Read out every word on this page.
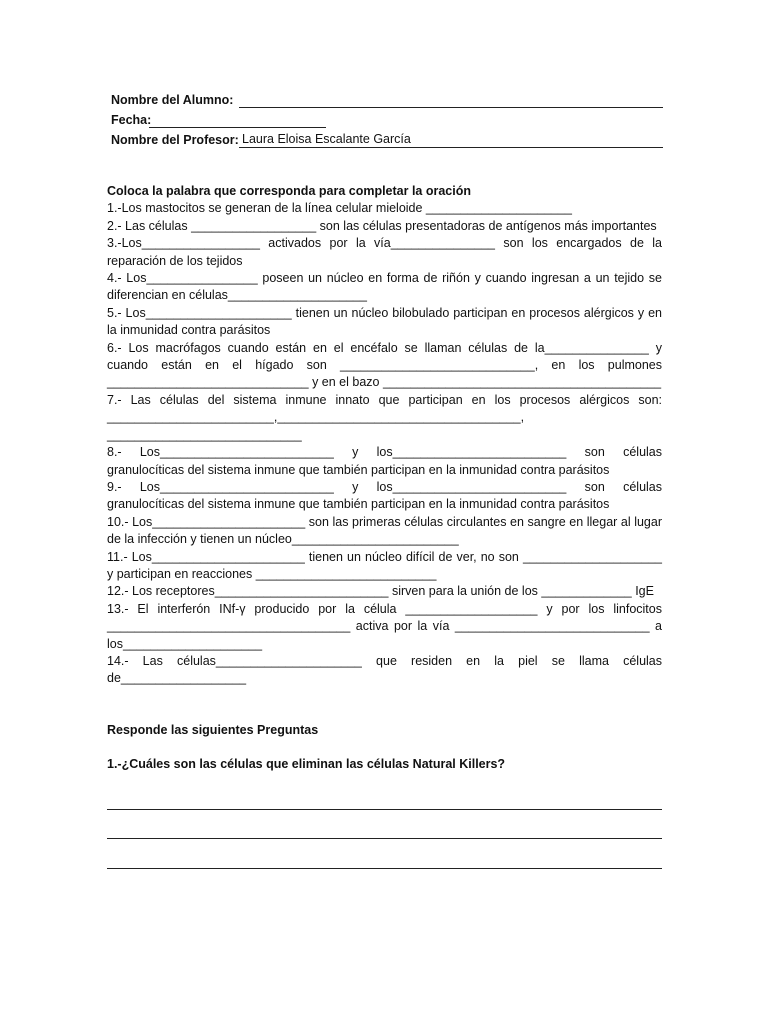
Nombre del Alumno:
Fecha:
Nombre del Profesor: Laura Eloisa Escalante García
Coloca la palabra que corresponda para completar la oración
1.-Los mastocitos se generan de la línea celular mieloide _____________________
2.- Las células __________________ son las células presentadoras de antígenos más importantes
3.-Los_________________ activados por la vía_______________ son los encargados de la reparación de los tejidos
4.- Los________________ poseen un núcleo en forma de riñón y cuando ingresan a un tejido se diferencian en células____________________
5.- Los_____________________ tienen un núcleo bilobulado participan en procesos alérgicos y en la inmunidad contra parásitos
6.- Los macrófagos cuando están en el encéfalo se llaman células de la_______________ y cuando están en el hígado son ____________________________, en los pulmones _____________________________ y en el bazo ________________________________________
7.- Las células del sistema inmune innato que participan en los procesos alérgicos son: ________________________,___________________________________, ____________________________
8.- Los_________________________ y los_________________________ son células granulocíticas del sistema inmune que también participan en la inmunidad contra parásitos
9.- Los_________________________ y los_________________________ son células granulocíticas del sistema inmune que también participan en la inmunidad contra parásitos
10.- Los______________________ son las primeras células circulantes en sangre en llegar al lugar de la infección y tienen un núcleo________________________
11.- Los______________________ tienen un núcleo difícil de ver, no son ____________________ y participan en reacciones __________________________
12.- Los receptores_________________________ sirven para la unión de los _____________ IgE
13.- El interferón INf-γ producido por la célula ___________________ y por los linfocitos ___________________________________ activa por la vía ____________________________ a los____________________
14.- Las células_____________________ que residen en la piel se llama células de__________________
Responde las siguientes Preguntas
1.-¿Cuáles son las células que eliminan las células Natural Killers?
